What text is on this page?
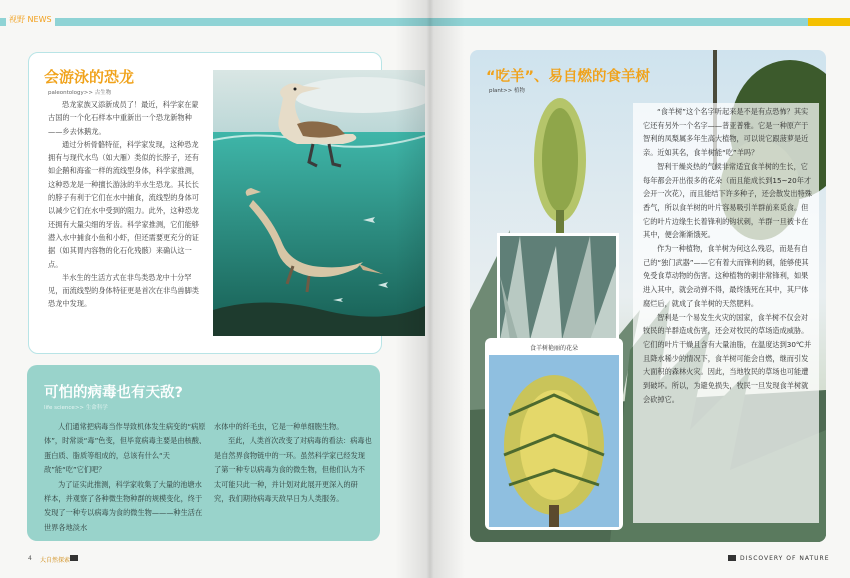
视野 NEWS
会游泳的恐龙
paleontology>> 古生物

恐龙家族又添新成员了！最近，科学家在蒙古国的一个化石样本中重新出一个恐龙新物种——乡去休鹅龙。

通过分析骨骼特征，科学家发现，这种恐龙拥有与现代水鸟（如大雁）类似的长脖子，还有如企鹅和海雀一样的流线型身体，科学家推测，这种恐龙是一种擅长游泳的半水生恐龙。其长长的脖子有利于它们在水中捕食，流线型的身体可以减少它们在水中受到的阻力。此外，这种恐龙还拥有大量尖细的牙齿。科学家推测，它们能够潜入水中捕食小鱼和小虾，但还需要更充分的证据（如其胃内容物的化石化残骸）来确认这一点。

半水生的生活方式在非鸟类恐龙中十分罕见，而流线型的身体特征更是首次在非鸟兽脚类恐龙中发现。

可怕的病毒也有天敌?
life science>> 生命科学

人们通常把病毒当作导致机体发生病变的“病原体”，时常谈“毒”色变，但毕竟病毒主要是由核酸、蛋白质、脂质等组成的，总该有什么“天敌”能“吃”它们吧？

为了证实此推测，科学家收集了大量的池塘水样本，并观察了各种微生物种群的规模变化，终于发现了一种专以病毒为食的微生物———种生活在世界各地淡水

水体中的纤毛虫，它是一种单细胞生物。

至此，人类首次改变了对病毒的看法：病毒也是自然界食物链中的一环。虽然科学家已经发现了第一种专以病毒为食的微生物，但他们认为不太可能只此一种，并计划对此展开更深入的研究，我们期待病毒天敌早日为人类服务。

4 大自然探索	DISCOVERY OF NATURE
“吃羊”、易自燃的食羊树
plant>> 植物

“食羊树”这个名字听起来是不是有点恐怖？其实它还有另外一个名字——普亚普雅。它是一种原产于智利的凤梨属多年生高大植物，可以说它跟菠萝是近亲。近如其名，食羊树能“吃”羊吗？

智利干燥炎热的气候非常适宜食羊树的生长，它每年都会开出很多的花朵（而且能成长到15~20年才会开一次花），而且能结下许多种子，还会散发出特殊香气，所以食羊树的叶片容易吸引羊群前来觅食。但它的叶片边缘生长着锋利的钩状刺，羊群一旦被卡在其中，便会渐渐饿死。

作为一种植物，食羊树为何这么残忍，而是有自己的“独门武器”——它有着大而锋利的刺，能够使其免受食草动物的伤害。这种植物的刺非常锋利，如果进入其中，就会动弹不得，最终饿死在其中，其尸体腐烂后，就成了食羊树的天然肥料。

智利是一个易发生火灾的国家，食羊树不仅会对牧民的羊群造成伤害，还会对牧民的草场造成威胁。它们的叶片干燥且含有大量油脂，在温度达到30℃并且降水稀少的情况下，食羊树可能会自燃，继而引发大面积的森林火灾。因此，当地牧民的草场也可能遭到破坏。所以，为避免损失，牧民一旦发现食羊树就会砍掉它。

食羊树艳丽的花朵
